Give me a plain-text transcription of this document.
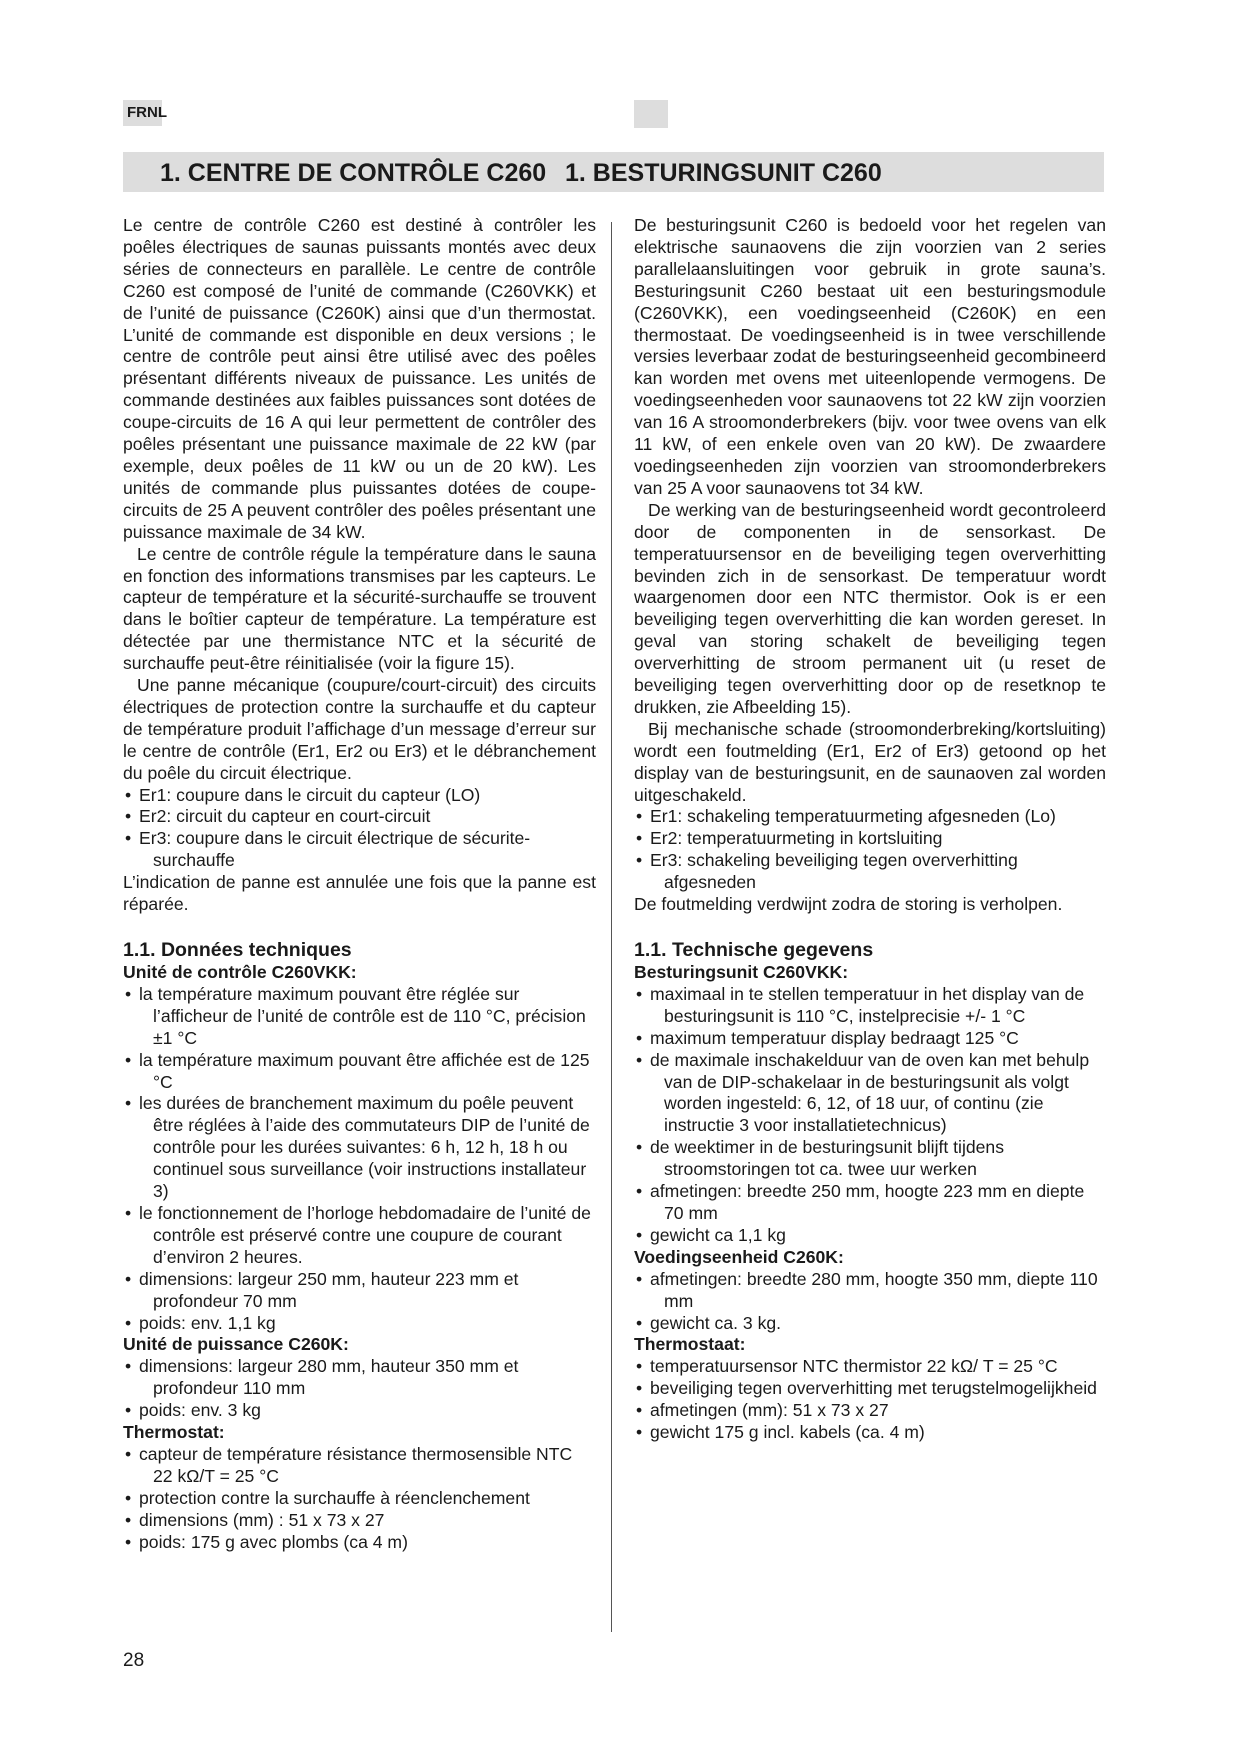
FRNL
1. CENTRE DE CONTRÔLE C260 1. BESTURINGSUNIT C260

Le centre de contrôle C260 est destiné à contrôler les poêles électriques de saunas puissants montés avec deux séries de connecteurs en parallèle. Le centre de contrôle C260 est composé de l’unité de commande (C260VKK) et de l’unité de puissance (C260K) ainsi que d’un thermostat. L’unité de commande est disponible en deux versions ; le centre de contrôle peut ainsi être utilisé avec des poêles présentant différents niveaux de puissance. Les unités de commande destinées aux faibles puissances sont dotées de coupe-circuits de 16 A qui leur permettent de contrôler des poêles présentant une puissance maximale de 22 kW (par exemple, deux poêles de 11 kW ou un de 20 kW). Les unités de commande plus puissantes dotées de coupe-circuits de 25 A peuvent contrôler des poêles présentant une puissance maximale de 34 kW.

Le centre de contrôle régule la température dans le sauna en fonction des informations transmises par les capteurs. Le capteur de température et la sécurité-surchauffe se trouvent dans le boîtier capteur de température. La température est détectée par une thermistance NTC et la sécurité de surchauffe peut-être réinitialisée (voir la figure 15).

Une panne mécanique (coupure/court-circuit) des circuits électriques de protection contre la surchauffe et du capteur de température produit l’affichage d’un message d’erreur sur le centre de contrôle (Er1, Er2 ou Er3) et le débranchement du poêle du circuit électrique.

• Er1: coupure dans le circuit du capteur (LO)
• Er2: circuit du capteur en court-circuit
• Er3: coupure dans le circuit électrique de sécurite-surchauffe

L’indication de panne est annulée une fois que la panne est réparée.

1.1. Données techniques
Unité de contrôle C260VKK:
• la température maximum pouvant être réglée sur l’afficheur de l’unité de contrôle est de 110 °C, précision ±1 °C
• la température maximum pouvant être affichée est de 125 °C
• les durées de branchement maximum du poêle peuvent être réglées à l’aide des commutateurs DIP de l’unité de contrôle pour les durées suivantes: 6 h, 12 h, 18 h ou continuel sous surveillance (voir instructions installateur 3)
• le fonctionnement de l’horloge hebdomadaire de l’unité de contrôle est préservé contre une coupure de courant d’environ 2 heures.
• dimensions: largeur 250 mm, hauteur 223 mm et profondeur 70 mm
• poids: env. 1,1 kg
Unité de puissance C260K:
• dimensions: largeur 280 mm, hauteur 350 mm et profondeur 110 mm
• poids: env. 3 kg
Thermostat:
• capteur de température résistance thermosensible NTC 22 kΩ/T = 25 °C
• protection contre la surchauffe à réenclenchement
• dimensions (mm) : 51 x 73 x 27
• poids: 175 g avec plombs (ca 4 m)

De besturingsunit C260 is bedoeld voor het regelen van elektrische saunaovens die zijn voorzien van 2 series parallelaansluitingen voor gebruik in grote sauna’s. Besturingsunit C260 bestaat uit een besturingsmodule (C260VKK), een voedingseenheid (C260K) en een thermostaat. De voedingseenheid is in twee verschillende versies leverbaar zodat de besturingseenheid gecombineerd kan worden met ovens met uiteenlopende vermogens. De voedingseenheden voor saunaovens tot 22 kW zijn voorzien van 16 A stroomonderbrekers (bijv. voor twee ovens van elk 11 kW, of een enkele oven van 20 kW). De zwaardere voedingseenheden zijn voorzien van stroomonderbrekers van 25 A voor saunaovens tot 34 kW.

De werking van de besturingseenheid wordt gecontroleerd door de componenten in de sensorkast. De temperatuursensor en de beveiliging tegen oververhitting bevinden zich in de sensorkast. De temperatuur wordt waargenomen door een NTC thermistor. Ook is er een beveiliging tegen oververhitting die kan worden gereset. In geval van storing schakelt de beveiliging tegen oververhitting de stroom permanent uit (u reset de beveiliging tegen oververhitting door op de resetknop te drukken, zie Afbeelding 15).

Bij mechanische schade (stroomonderbreking/kortsluiting) wordt een foutmelding (Er1, Er2 of Er3) getoond op het display van de besturingsunit, en de saunaoven zal worden uitgeschakeld.

• Er1: schakeling temperatuurmeting afgesneden (Lo)
• Er2: temperatuurmeting in kortsluiting
• Er3: schakeling beveiliging tegen oververhitting afgesneden

De foutmelding verdwijnt zodra de storing is verholpen.

1.1. Technische gegevens
Besturingsunit C260VKK:
• maximaal in te stellen temperatuur in het display van de besturingsunit is 110 °C, instelprecisie +/- 1 °C
• maximum temperatuur display bedraagt 125 °C
• de maximale inschakelduur van de oven kan met behulp van de DIP-schakelaar in de besturingsunit als volgt worden ingesteld: 6, 12, of 18 uur, of continu (zie instructie 3 voor installatietechnicus)
• de weektimer in de besturingsunit blijft tijdens stroomstoringen tot ca. twee uur werken
• afmetingen: breedte 250 mm, hoogte 223 mm en diepte 70 mm
• gewicht ca 1,1 kg
Voedingseenheid C260K:
• afmetingen: breedte 280 mm, hoogte 350 mm, diepte 110 mm
• gewicht ca. 3 kg.
Thermostaat:
• temperatuursensor NTC thermistor 22 kΩ/ T = 25 °C
• beveiliging tegen oververhitting met terugstelmogelijkheid
• afmetingen (mm): 51 x 73 x 27
• gewicht 175 g incl. kabels (ca. 4 m)
28
